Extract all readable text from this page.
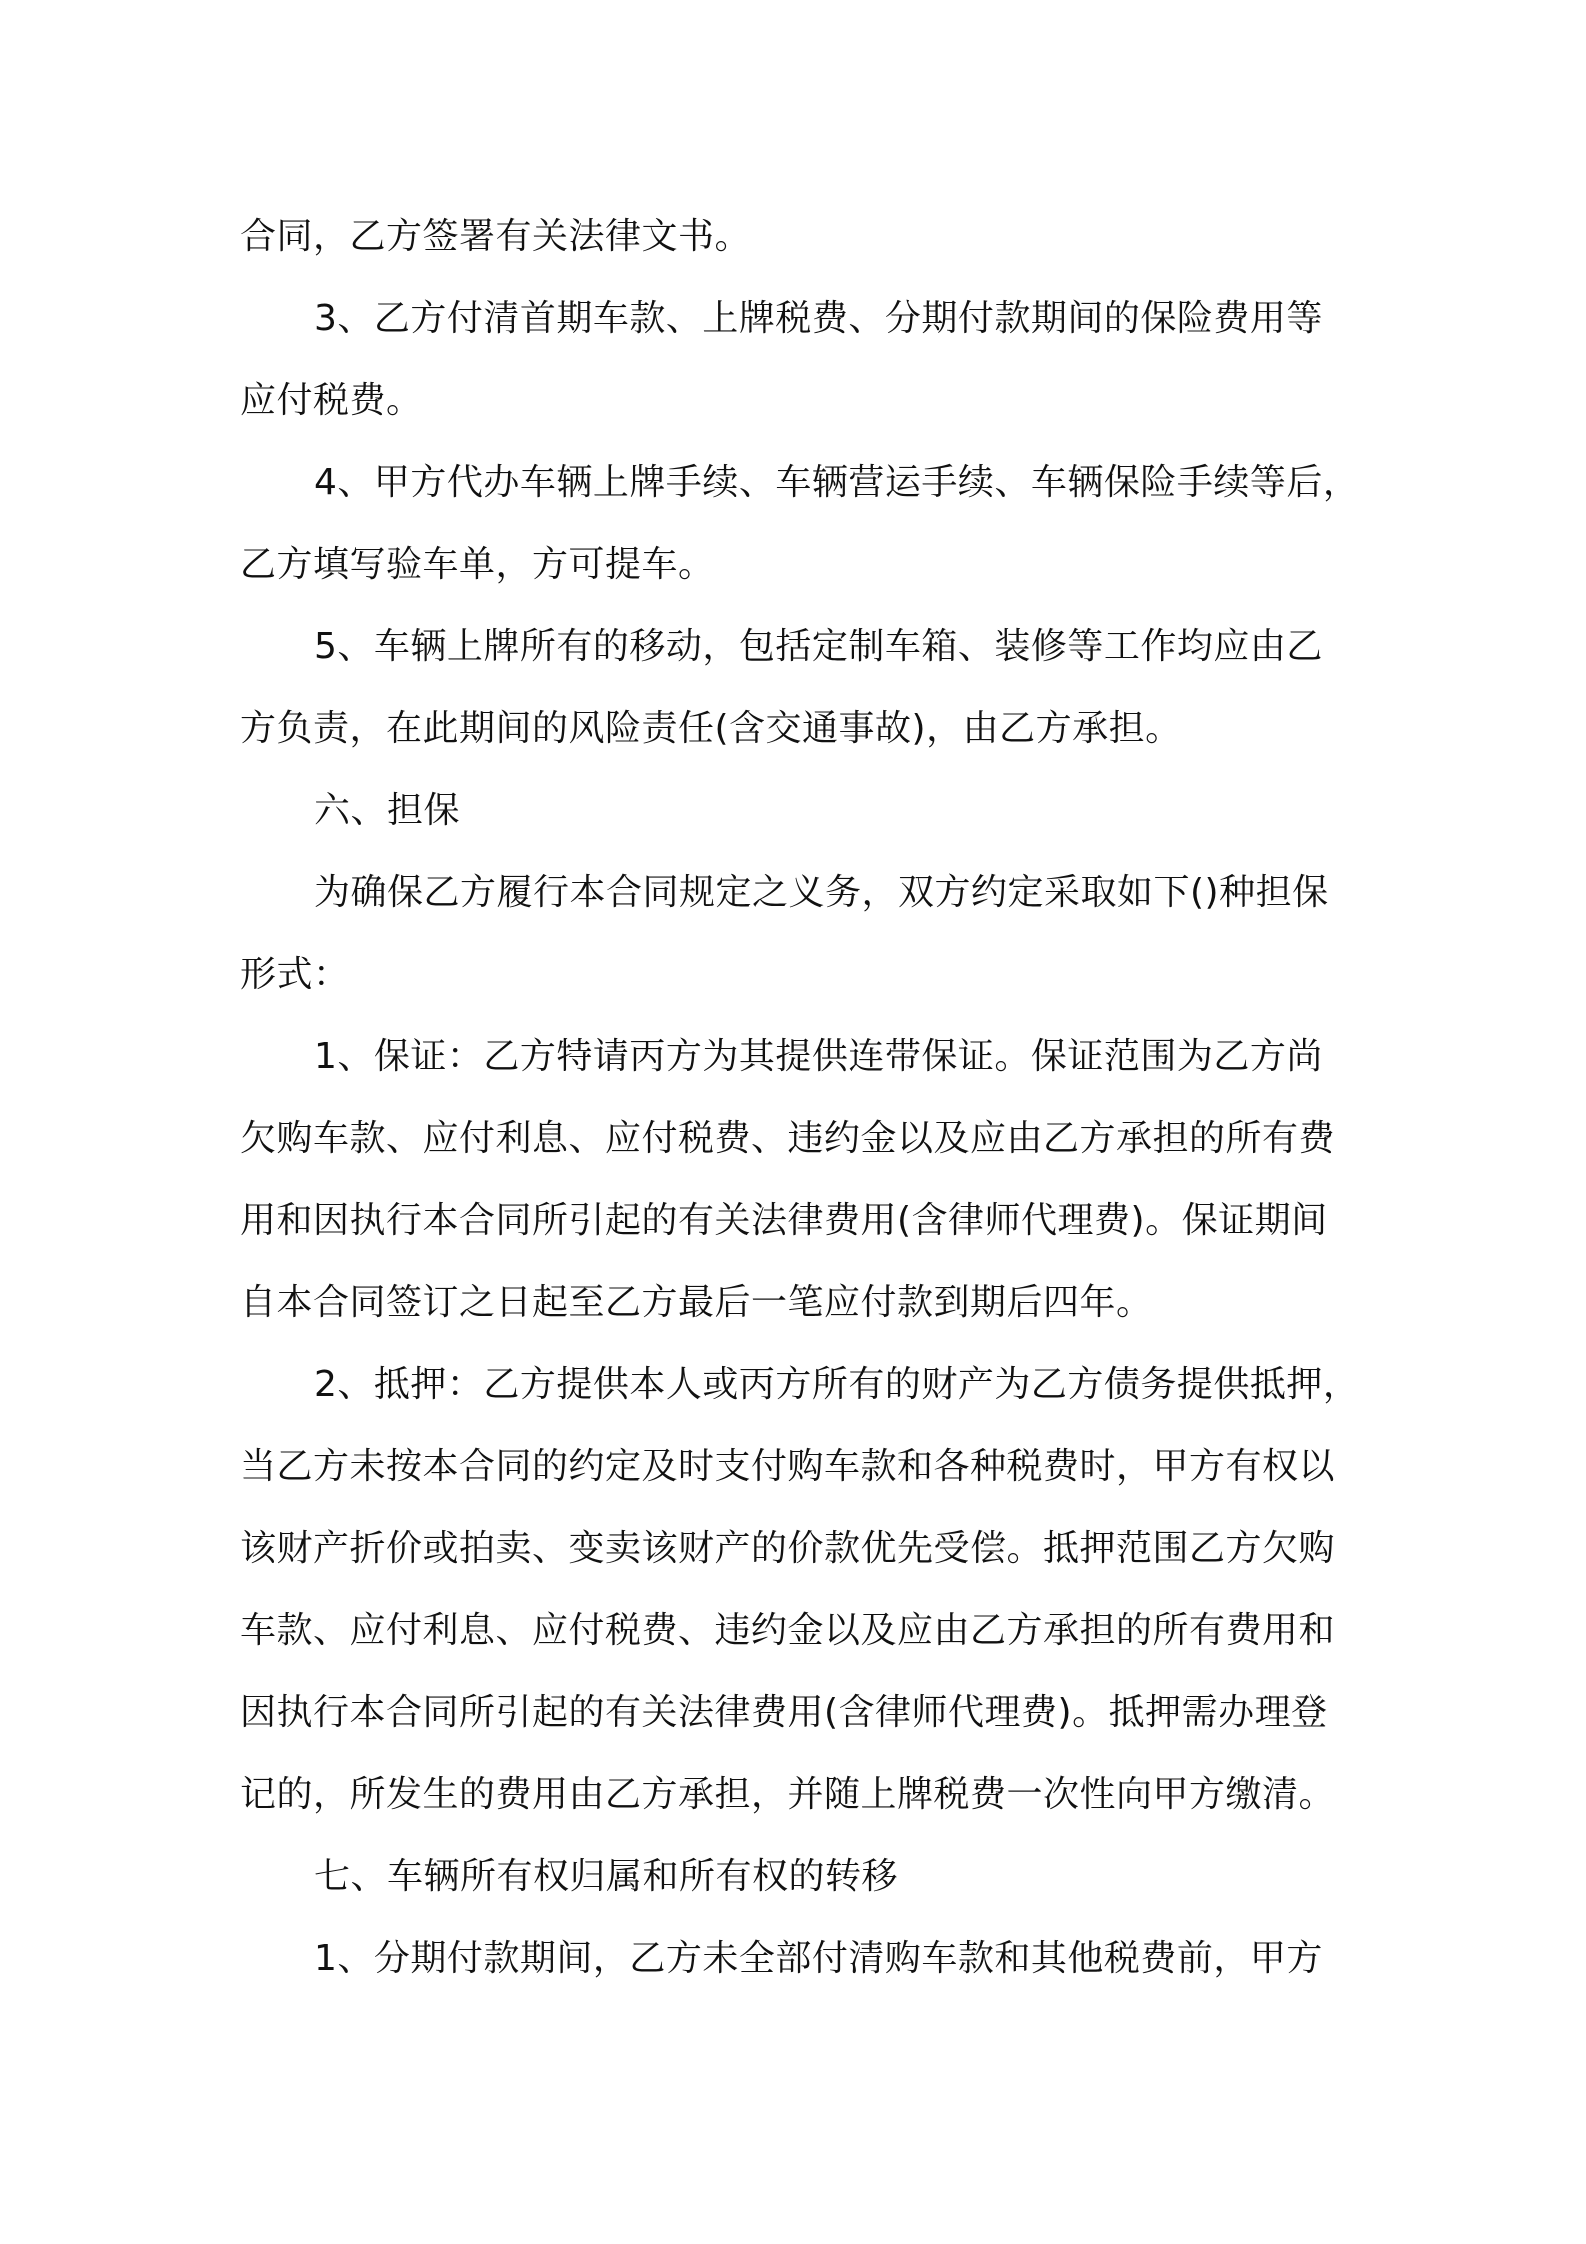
合同，乙方签署有关法律文书。

3、乙方付清首期车款、上牌税费、分期付款期间的保险费用等

应付税费。

4、甲方代办车辆上牌手续、车辆营运手续、车辆保险手续等后，

乙方填写验车单，方可提车。

5、车辆上牌所有的移动，包括定制车箱、装修等工作均应由乙

方负责，在此期间的风险责任(含交通事故)，由乙方承担。

六、担保

为确保乙方履行本合同规定之义务，双方约定采取如下()种担保

形式：

1、保证：乙方特请丙方为其提供连带保证。保证范围为乙方尚

欠购车款、应付利息、应付税费、违约金以及应由乙方承担的所有费

用和因执行本合同所引起的有关法律费用(含律师代理费)。保证期间

自本合同签订之日起至乙方最后一笔应付款到期后四年。

2、抵押：乙方提供本人或丙方所有的财产为乙方债务提供抵押，

当乙方未按本合同的约定及时支付购车款和各种税费时，甲方有权以

该财产折价或拍卖、变卖该财产的价款优先受偿。抵押范围乙方欠购

车款、应付利息、应付税费、违约金以及应由乙方承担的所有费用和

因执行本合同所引起的有关法律费用(含律师代理费)。抵押需办理登

记的，所发生的费用由乙方承担，并随上牌税费一次性向甲方缴清。

七、车辆所有权归属和所有权的转移

1、分期付款期间，乙方未全部付清购车款和其他税费前，甲方
